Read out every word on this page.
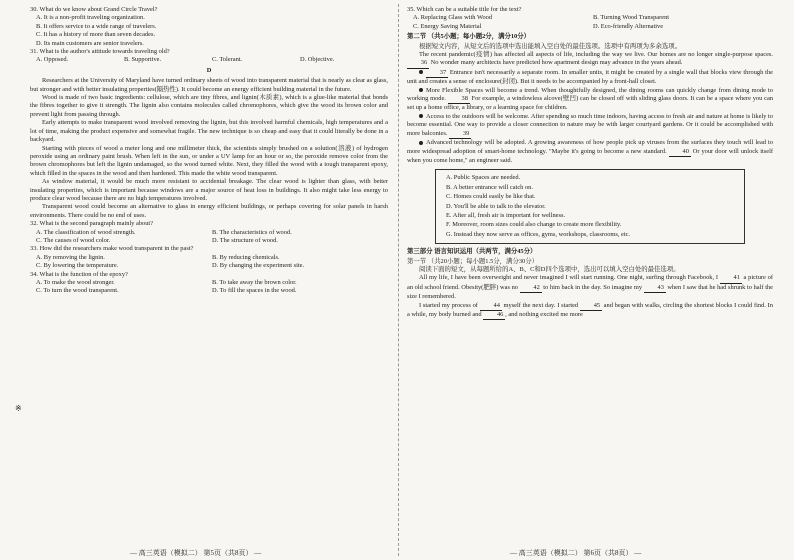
※

30. What do we know about Grand Circle Travel?

A. It is a non-profit traveling organization.

B. It offers service to a wide range of travelers.

C. It has a history of more than seven decades.

D. Its main customers are senior travelers.

31. What is the author's attitude towards traveling old?

A. Opposed.	B. Supportive.	C. Tolerant.	D. Objective.
D

Researchers at the University of Maryland have turned ordinary sheets of wood into transparent material that is nearly as clear as glass, but stronger and with better insulating properties(隔热性). It could become an energy efficient building material in the future.

Wood is made of two basic ingredients: cellulose, which are tiny fibres, and lignin(木质素), which is a glue-like material that bonds the fibres together to give it strength. The lignin also contains molecules called chromophores, which give the wood its brown color and prevent light from passing through.

Early attempts to make transparent wood involved removing the lignin, but this involved harmful chemicals, high temperatures and a lot of time, making the product expensive and somewhat fragile. The new technique is so cheap and easy that it could literally be done in a backyard.

Starting with pieces of wood a meter long and one millimeter thick, the scientists simply brushed on a solution(溶液) of hydrogen peroxide using an ordinary paint brush. When left in the sun, or under a UV lamp for an hour or so, the peroxide remove color from the brown chromophores but left the lignin undamaged, so the wood turned white. Next, they filled the wood with a tough transparent epoxy, which filled in the spaces in the wood and then hardened. This made the white wood transparent.

As window material, it would be much more resistant to accidental breakage. The clear wood is lighter than glass, with better insulating properties, which is important because windows are a major source of heat loss in buildings. It also might take less energy to produce clear wood because there are no high temperatures involved.

Transparent wood could become an alternative to glass in energy efficient buildings, or perhaps covering for solar panels in harsh environments. There could be no end of uses.

32. What is the second paragraph mainly about?

A. The classification of wood strength.	B. The characteristics of wood.
C. The causes of wood color.	D. The structure of wood.

33. How did the researchers make wood transparent in the past?

A. By removing the lignin.	B. By reducing chemicals.
C. By lowering the temperature.	D. By changing the experiment site.

34. What is the function of the epoxy?

A. To make the wood stronger.	B. To take away the brown color.
C. To turn the wood transparent.	D. To fill the spaces in the wood.
— 高三英语（模拟二） 第5页（共8页） —

35. Which can be a suitable title for the text?

A. Replacing Glass with Wood	B. Turning Wood Transparent
C. Energy Saving Material	D. Eco-friendly Alternative

第二节 （共5小题；每小题2分，满分10分）

根据短文内容，从短文后的选项中选出能填入空白处的最佳选项。选项中有两项为多余选项。

The recent pandemic(疫情) has affected all aspects of life, including the way we live. Our homes are no longer single-purpose spaces. 36 No wonder many architects have predicted how apartment design may advance in the years ahead.

37 Entrance isn't necessarily a separate room. In smaller units, it might be created by a single wall that blocks view through the unit and creates a sense of enclosure(封闭). But it needs to be accompanied by a front-hall closet.

More Flexible Spaces will become a trend. When thoughtfully designed, the dining rooms can quickly change from dining mode to working mode. 38 For example, a windowless alcove(壁凹) can be closed off with sliding glass doors. It can be a space where you can set up a home office, a library, or a learning space for children.

Access to the outdoors will be welcome. After spending so much time indoors, having access to fresh air and nature at home is likely to become essential. One way to provide a closer connection to nature may be with larger courtyard gardens. Or it could be accomplished with more balconies. 39

Advanced technology will be adopted. A growing awareness of how people pick up viruses from the surfaces they touch will lead to more widespread adoption of smart-home technology. "Maybe it's going to become a new standard. 40 Or your door will unlock itself when you come home," an engineer said.

A. Public Spaces are needed.
B. A better entrance will catch on.
C. Homes could easily be like that.
D. You'll be able to talk to the elevator.
E. After all, fresh air is important for wellness.
F. Moreover, room sizes could also change to create more flexibility.
G. Instead they now serve as offices, gyms, workshops, classrooms, etc.

第三部分 语言知识运用（共两节，满分45分）

第一节 （共20小题；每小题1.5分，满分30分）

阅读下面的短文，从每题所给的A、B、C和D四个选项中，选出可以填入空白处的最佳选项。

All my life, I have been overweight and never imagined I will start running. One night, surfing through Facebook, I 41 a picture of an old school friend. Obesity(肥胖) was no 42 to him back in the day. So imagine my 43 when I saw that he had shrunk to half the size I remembered.

I started my process of 44 myself the next day. I started 45 and began with walks, circling the shortest blocks I could find. In a while, my body burned and 46 , and nothing excited me more

— 高三英语（模拟二） 第6页（共8页） —
